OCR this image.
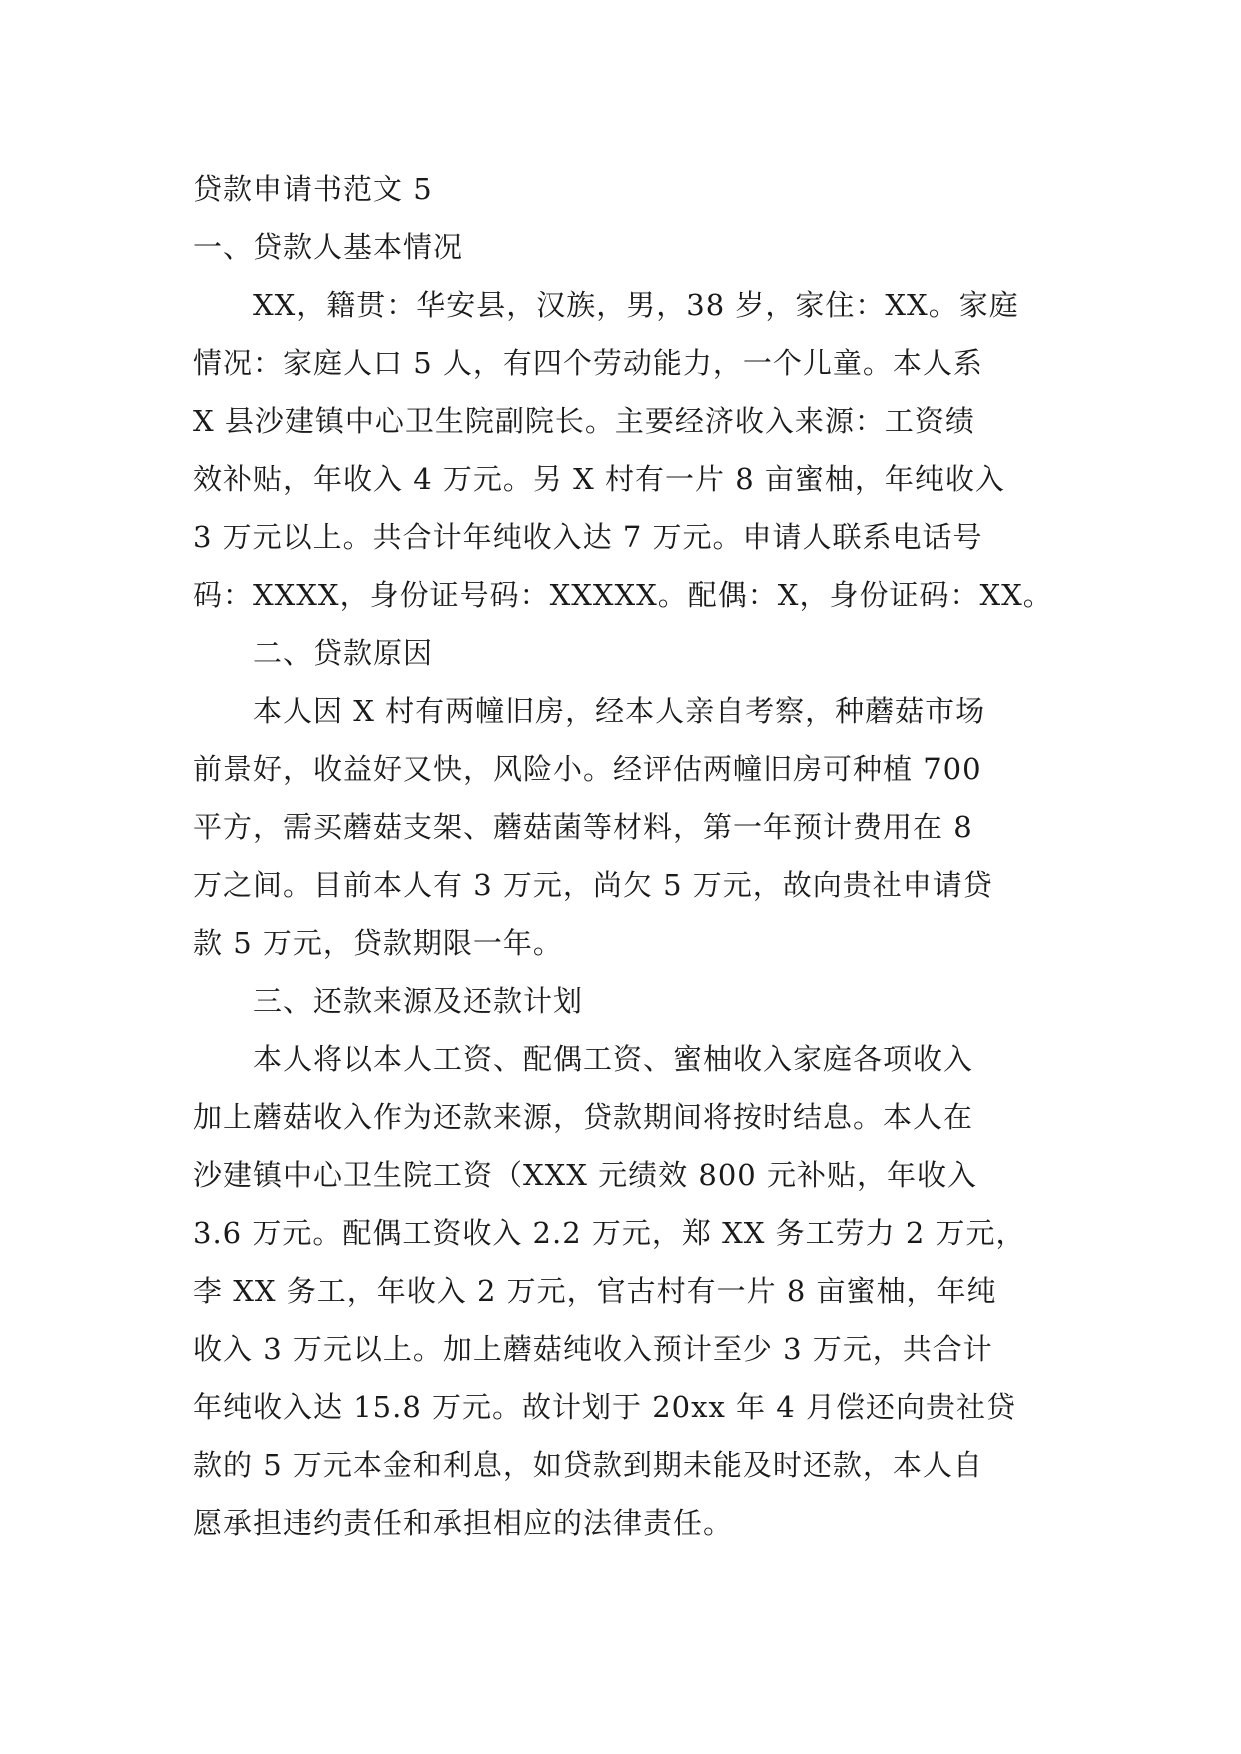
贷款申请书范文 5
一、贷款人基本情况
XX，籍贯：华安县，汉族，男，38 岁，家住：XX。家庭
情况：家庭人口 5 人，有四个劳动能力，一个儿童。本人系
X 县沙建镇中心卫生院副院长。主要经济收入来源：工资绩
效补贴，年收入 4 万元。另 X 村有一片 8 亩蜜柚，年纯收入
3 万元以上。共合计年纯收入达 7 万元。申请人联系电话号
码：XXXX，身份证号码：XXXXX。配偶：X，身份证码：XX。
二、贷款原因
本人因 X 村有两幢旧房，经本人亲自考察，种蘑菇市场
前景好，收益好又快，风险小。经评估两幢旧房可种植 700
平方，需买蘑菇支架、蘑菇菌等材料，第一年预计费用在 8
万之间。目前本人有 3 万元，尚欠 5 万元，故向贵社申请贷
款 5 万元，贷款期限一年。
三、还款来源及还款计划
本人将以本人工资、配偶工资、蜜柚收入家庭各项收入
加上蘑菇收入作为还款来源，贷款期间将按时结息。本人在
沙建镇中心卫生院工资（XXX 元绩效 800 元补贴，年收入
3.6 万元。配偶工资收入 2.2 万元，郑 XX 务工劳力 2 万元，
李 XX 务工，年收入 2 万元，官古村有一片 8 亩蜜柚，年纯
收入 3 万元以上。加上蘑菇纯收入预计至少 3 万元，共合计
年纯收入达 15.8 万元。故计划于 20xx 年 4 月偿还向贵社贷
款的 5 万元本金和利息，如贷款到期未能及时还款，本人自
愿承担违约责任和承担相应的法律责任。
